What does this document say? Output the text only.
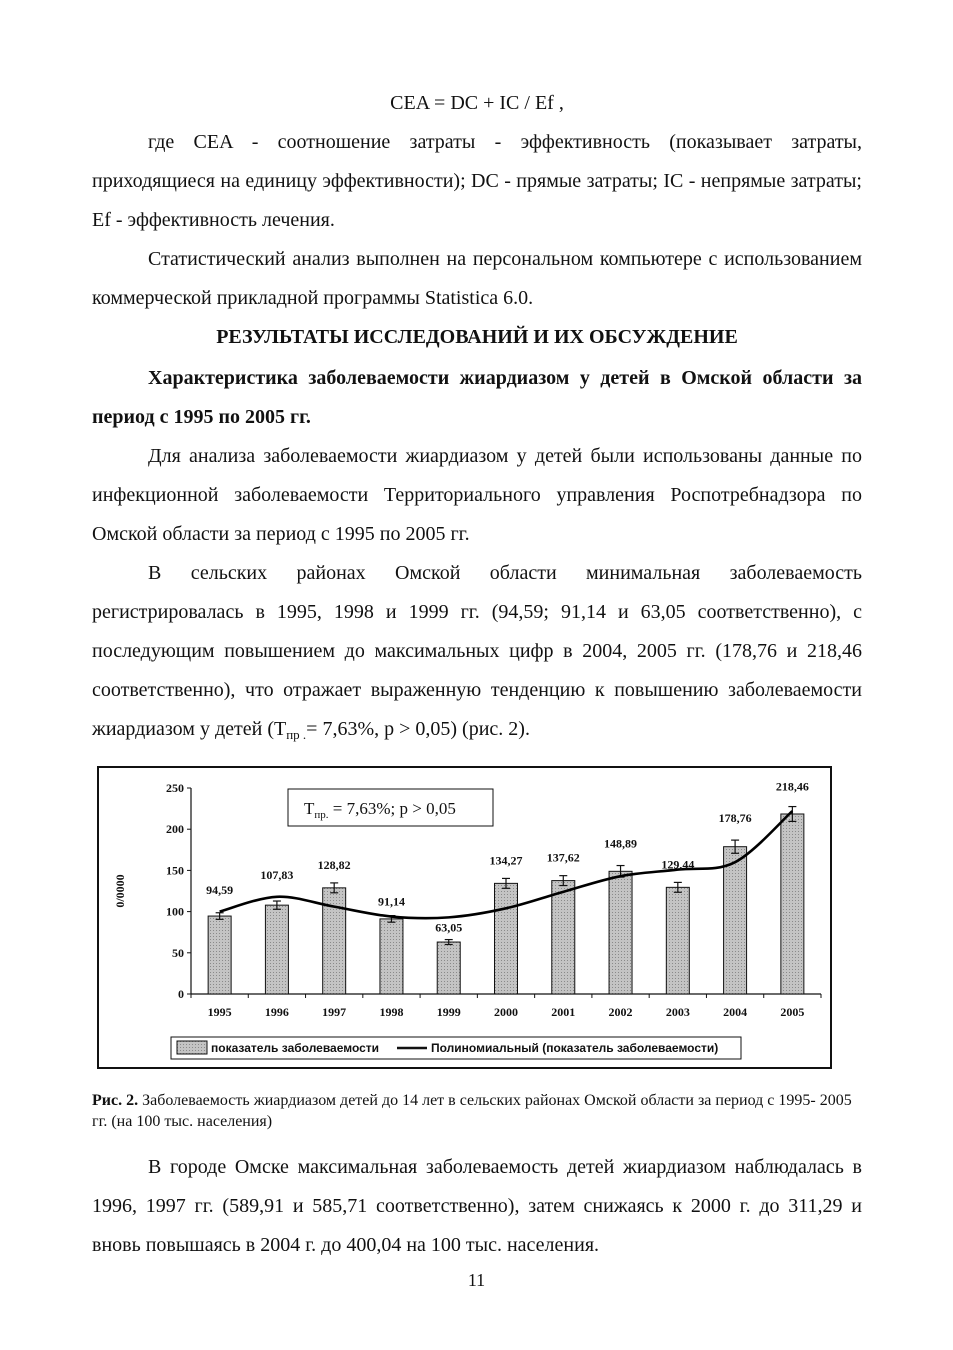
CEA = DC + IC / Ef ,

где CEA - соотношение затраты - эффективность (показывает затраты, приходящиеся на единицу эффективности); DC - прямые затраты; IC - непрямые затраты; Ef - эффективность лечения.

Статистический анализ выполнен на персональном компьютере с использованием коммерческой прикладной программы Statistica 6.0.

РЕЗУЛЬТАТЫ ИССЛЕДОВАНИЙ И ИХ ОБСУЖДЕНИЕ

Характеристика заболеваемости жиардиазом у детей в Омской области за период с 1995 по 2005 гг.

Для анализа заболеваемости жиардиазом у детей были использованы данные по инфекционной заболеваемости Территориального управления Роспотребнадзора по Омской области за период с 1995 по 2005 гг.

В сельских районах Омской области минимальная заболеваемость регистрировалась в 1995, 1998 и 1999 гг. (94,59; 91,14 и 63,05 соответственно), с последующим повышением до максимальных цифр в 2004, 2005 гг. (178,76 и 218,46 соответственно), что отражает выраженную тенденцию к повышению заболеваемости жиардиазом у детей ($Т_{пр .}= 7,63\%$, р > 0,05) (рис. 2).

0
50
100
150
200
250
0/0000
1995	1996	1997	1998	1999	2000	2001	2002	2003	2004	2005
94,59
107,83
128,82
91,14
63,05
134,27 137,62
148,89
129,44
178,76
218,46
$Т_{пр.} = 7,63\%$; р > 0,05
показатель заболеваемости	Полиномиальный (показатель заболеваемости)
Рис. 2. Заболеваемость жиардиазом детей до 14 лет в сельских районах Омской области за период с 1995- 2005 гг. (на 100 тыс. населения)

В городе Омске максимальная заболеваемость детей жиардиазом наблюдалась в 1996, 1997 гг. (589,91 и 585,71 соответственно), затем снижаясь к 2000 г. до 311,29 и вновь повышаясь в 2004 г. до 400,04 на 100 тыс. населения.

11
